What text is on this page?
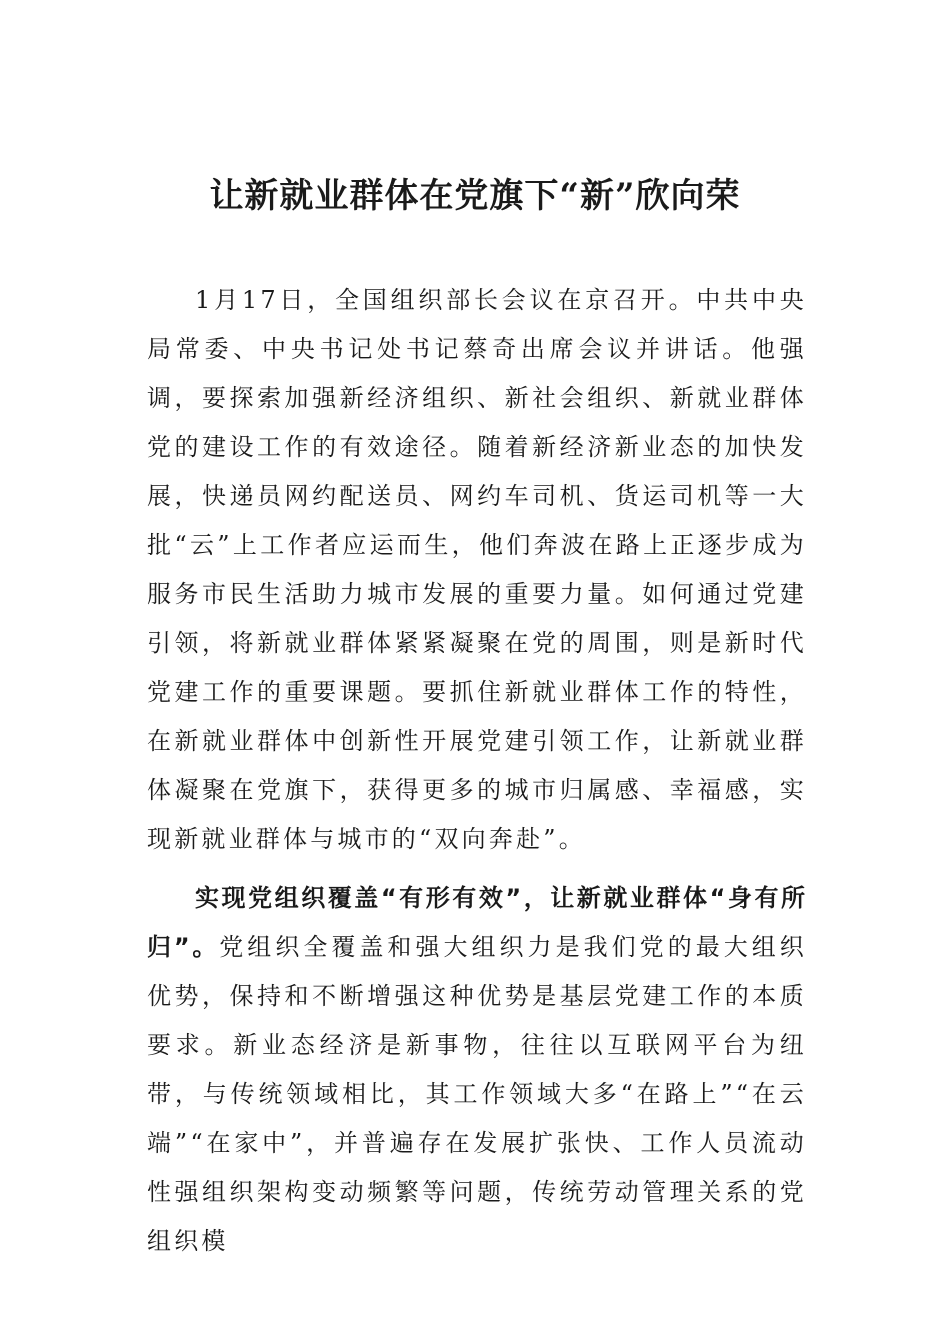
让新就业群体在党旗下“新”欣向荣

1月17日，全国组织部长会议在京召开。中共中央局常委、中央书记处书记蔡奇出席会议并讲话。他强调，要探索加强新经济组织、新社会组织、新就业群体党的建设工作的有效途径。随着新经济新业态的加快发展，快递员网约配送员、网约车司机、货运司机等一大批“云”上工作者应运而生，他们奔波在路上正逐步成为服务市民生活助力城市发展的重要力量。如何通过党建引领，将新就业群体紧紧凝聚在党的周围，则是新时代党建工作的重要课题。要抓住新就业群体工作的特性，在新就业群体中创新性开展党建引领工作，让新就业群体凝聚在党旗下，获得更多的城市归属感、幸福感，实现新就业群体与城市的“双向奔赴”。

实现党组织覆盖“有形有效”，让新就业群体“身有所归”。党组织全覆盖和强大组织力是我们党的最大组织优势，保持和不断增强这种优势是基层党建工作的本质要求。新业态经济是新事物，往往以互联网平台为纽带，与传统领域相比，其工作领域大多“在路上”“在云端”“在家中”，并普遍存在发展扩张快、工作人员流动性强组织架构变动频繁等问题，传统劳动管理关系的党组织模
